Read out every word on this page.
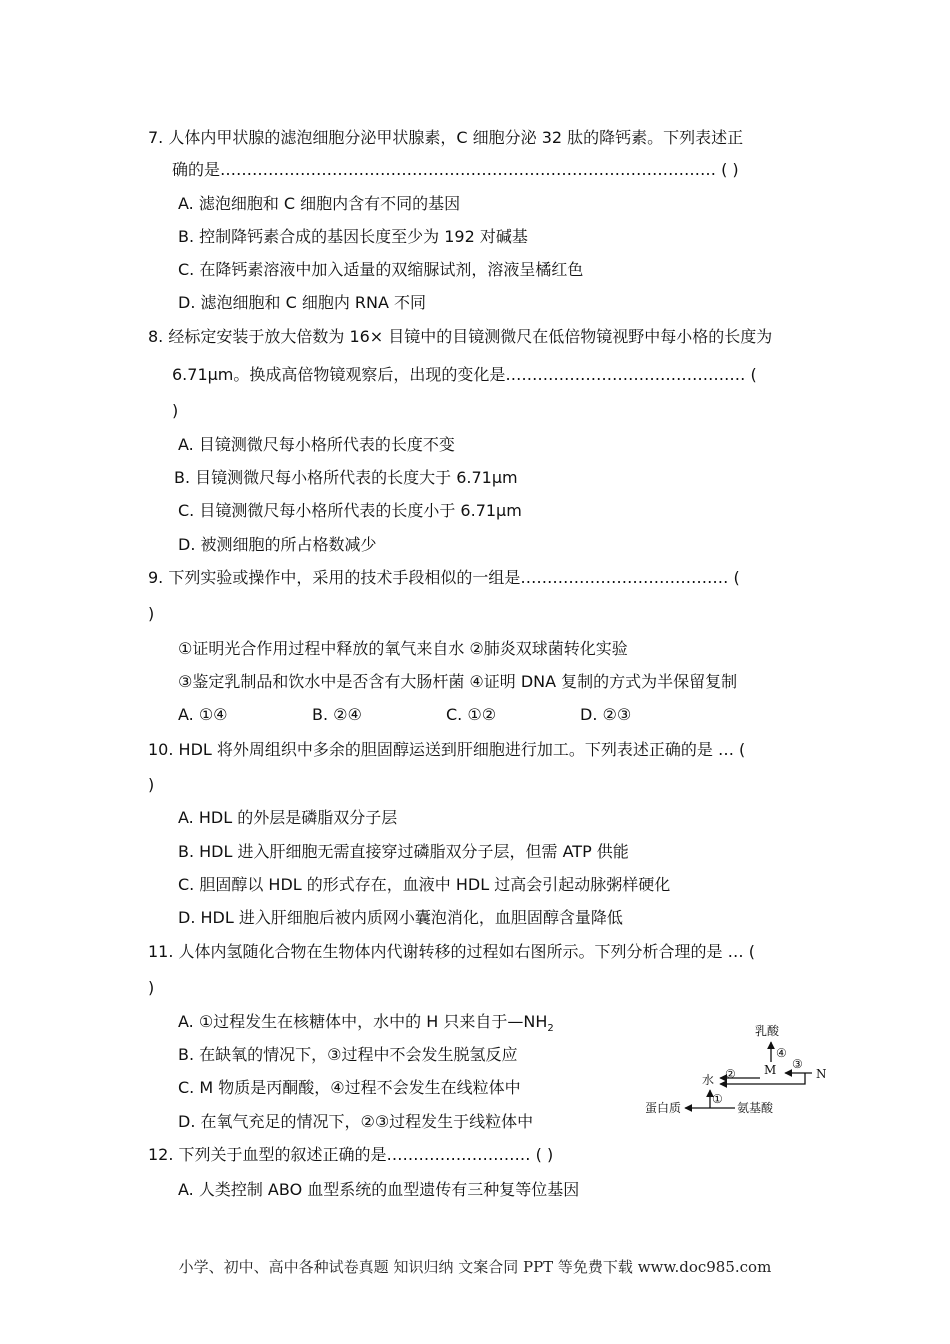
7. 人体内甲状腺的滤泡细胞分泌甲状腺素，C 细胞分泌 32 肽的降钙素。下列表述正
确的是………………………………………………………………………………… ( )
A. 滤泡细胞和 C 细胞内含有不同的基因
B. 控制降钙素合成的基因长度至少为 192 对碱基
C. 在降钙素溶液中加入适量的双缩脲试剂，溶液呈橘红色
D. 滤泡细胞和 C 细胞内 RNA 不同
8. 经标定安装于放大倍数为 16× 目镜中的目镜测微尺在低倍物镜视野中每小格的长度为
6.71μm。换成高倍物镜观察后，出现的变化是……………………………………… (
)
A. 目镜测微尺每小格所代表的长度不变
B. 目镜测微尺每小格所代表的长度大于 6.71μm
C. 目镜测微尺每小格所代表的长度小于 6.71μm
D. 被测细胞的所占格数减少
9. 下列实验或操作中，采用的技术手段相似的一组是………………………………… (
)
①证明光合作用过程中释放的氧气来自水 ②肺炎双球菌转化实验
③鉴定乳制品和饮水中是否含有大肠杆菌 ④证明 DNA 复制的方式为半保留复制
A. ①④	B. ②④	C. ①②	D. ②③
10. HDL 将外周组织中多余的胆固醇运送到肝细胞进行加工。下列表述正确的是 … (
)
A. HDL 的外层是磷脂双分子层
B. HDL 进入肝细胞无需直接穿过磷脂双分子层，但需 ATP 供能
C. 胆固醇以 HDL 的形式存在，血液中 HDL 过高会引起动脉粥样硬化
D. HDL 进入肝细胞后被内质网小囊泡消化，血胆固醇含量降低
11. 人体内氢随化合物在生物体内代谢转移的过程如右图所示。下列分析合理的是 … (
)
A. ①过程发生在核糖体中，水中的 H 只来自于$—NH_2$
B. 在缺氧的情况下，③过程中不会发生脱氢反应
C. M 物质是丙酮酸，④过程不会发生在线粒体中
D. 在氧气充足的情况下，②③过程发生于线粒体中
乳酸
④
M	N
③
②
水
①
蛋白质	氨基酸
12. 下列关于血型的叙述正确的是……………………… ( )
A. 人类控制 ABO 血型系统的血型遗传有三种复等位基因
小学、初中、高中各种试卷真题 知识归纳 文案合同 PPT 等免费下载 www.doc985.com
